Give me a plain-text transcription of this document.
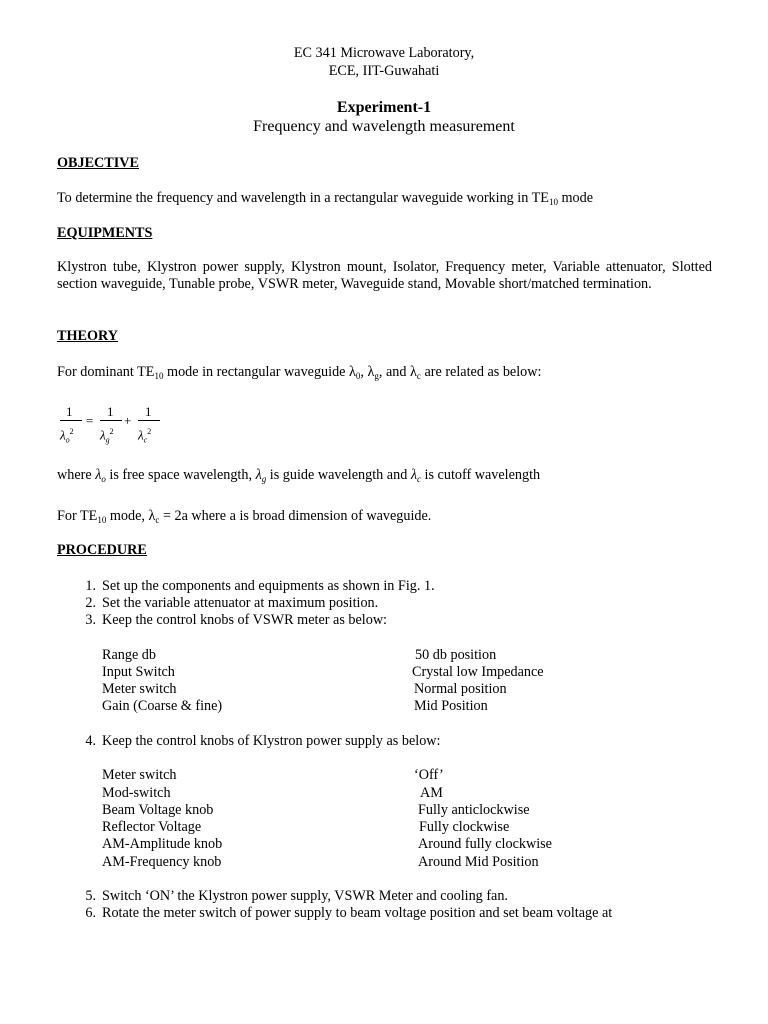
EC 341 Microwave Laboratory,
ECE, IIT-Guwahati
Experiment-1
Frequency and wavelength measurement
OBJECTIVE
To determine the frequency and wavelength in a rectangular waveguide working in $TE_{10}$ mode
EQUIPMENTS
Klystron tube, Klystron power supply, Klystron mount, Isolator, Frequency meter, Variable attenuator, Slotted section waveguide, Tunable probe, VSWR meter, Waveguide stand, Movable short/matched termination.
THEORY
For dominant $TE_{10}$ mode in rectangular waveguide $\lambda_0$, $\lambda_g$, and $\lambda_c$ are related as below:
1
$\lambda_o^2$
=
1
$\lambda_g^2$
+
1
$\lambda_c^2$
where $\lambda_o$ is free space wavelength, $\lambda_g$ is guide wavelength and $\lambda_c$ is cutoff wavelength
For $TE_{10}$ mode, $\lambda_c = 2a$ where a is broad dimension of waveguide.
PROCEDURE
1. Set up the components and equipments as shown in Fig. 1.
2. Set the variable attenuator at maximum position.
3. Keep the control knobs of VSWR meter as below:
Range db	50 db position
Input Switch	Crystal low Impedance
Meter switch	Normal position
Gain (Coarse & fine)	Mid Position
4. Keep the control knobs of Klystron power supply as below:
Meter switch	‘Off’
Mod-switch	AM
Beam Voltage knob	Fully anticlockwise
Reflector Voltage	Fully clockwise
AM-Amplitude knob	Around fully clockwise
AM-Frequency knob	Around Mid Position
5. Switch ‘ON’ the Klystron power supply, VSWR Meter and cooling fan.
6. Rotate the meter switch of power supply to beam voltage position and set beam voltage at
